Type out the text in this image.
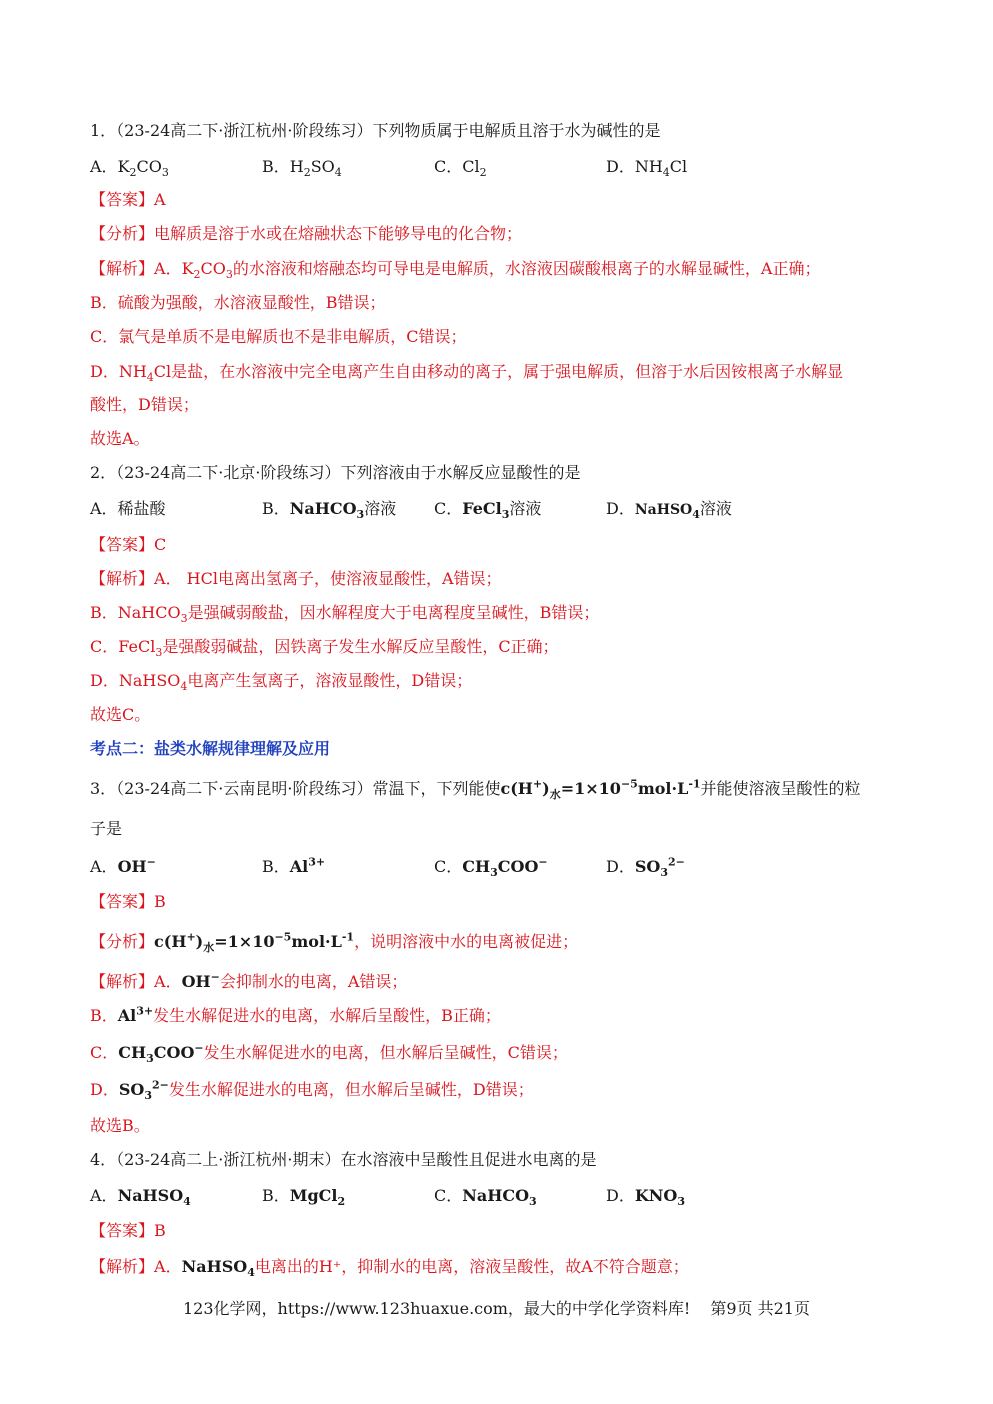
1．（23-24高二下·浙江杭州·阶段练习）下列物质属于电解质且溶于水为碱性的是
A．$K_2CO_3$	B．$H_2SO_4$	C．$Cl_2$	D．$NH_4Cl$
【答案】A
【分析】电解质是溶于水或在熔融状态下能够导电的化合物；
【解析】A．$K_2CO_3$的水溶液和熔融态均可导电是电解质，水溶液因碳酸根离子的水解显碱性，A正确；
B．硫酸为强酸，水溶液显酸性，B错误；
C．氯气是单质不是电解质也不是非电解质，C错误；
D．$NH_4Cl$是盐，在水溶液中完全电离产生自由移动的离子，属于强电解质，但溶于水后因铵根离子水解显
酸性，D错误；
故选A。
2．（23-24高二下·北京·阶段练习）下列溶液由于水解反应显酸性的是
A．稀盐酸	B．NaHCO$_3$溶液 C．FeCl$_3$溶液	D．NaHSO$_4$溶液
【答案】C
【解析】A． HCl电离出氢离子，使溶液显酸性，A错误；
B．NaHCO$_3$是强碱弱酸盐，因水解程度大于电离程度呈碱性，B错误；
C．FeCl$_3$是强酸弱碱盐，因铁离子发生水解反应呈酸性，C正确；
D．NaHSO$_4$电离产生氢离子，溶液显酸性，D错误；
故选C。
考点二：盐类水解规律理解及应用
3．（23-24高二下·云南昆明·阶段练习）常温下，下列能使$c(H^+)_水=1\times 10^{-5}mol\cdot L^{-1}$并能使溶液呈酸性的粒
子是
A．OH−	B．$Al^{3+}$	C．$CH_3COO^-$	D．$SO_3^{2-}$
【答案】B
【分析】$c(H^+)_水=1\times 10^{-5}mol\cdot L^{-1}$，说明溶液中水的电离被促进；
【解析】A．OH−会抑制水的电离，A错误；
B．$Al^{3+}$发生水解促进水的电离，水解后呈酸性，B正确；
C．$CH_3COO^-$发生水解促进水的电离，但水解后呈碱性，C错误；
D．$SO_3^{2-}$发生水解促进水的电离，但水解后呈碱性，D错误；
故选B。
4．（23-24高二上·浙江杭州·期末）在水溶液中呈酸性且促进水电离的是
A．NaHSO$_4$	B．MgCl$_2$	C．NaHCO$_3$	D．$KNO_3$
【答案】B
【解析】A．NaHSO$_4$电离出的H⁺，抑制水的电离，溶液呈酸性，故A不符合题意；
123化学网，https://www.123huaxue.com，最大的中学化学资料库! 第9页 共21页
